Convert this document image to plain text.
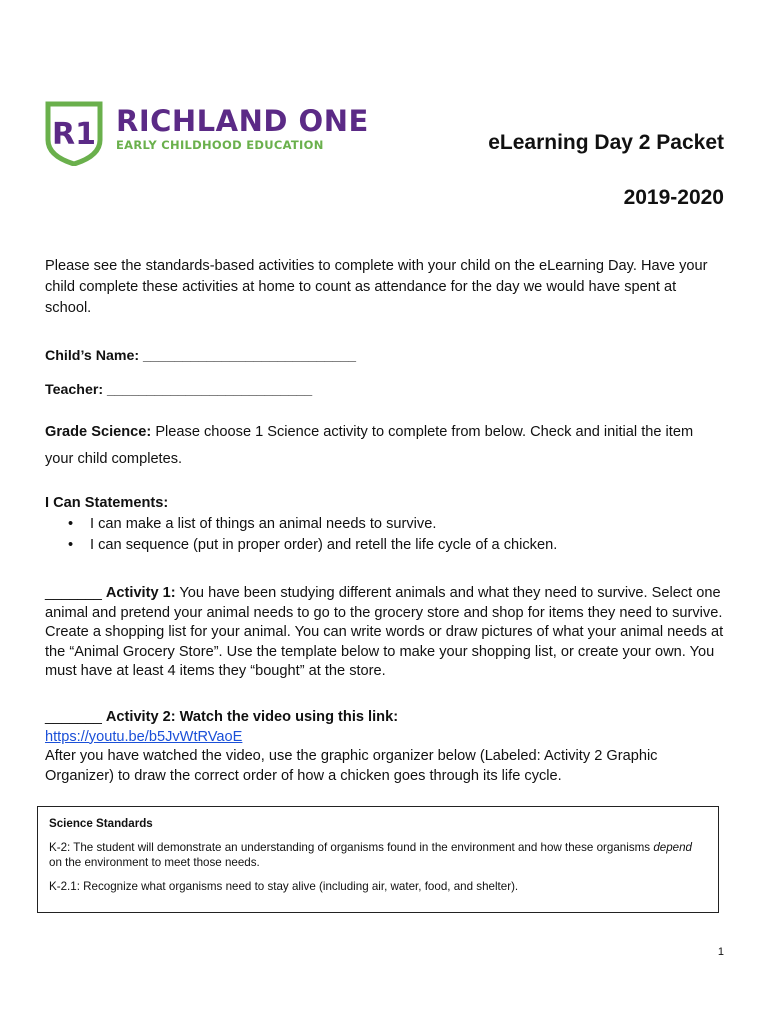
R1 RICHLAND ONE
EARLY CHILDHOOD EDUCATION	eLearning Day 2 Packet
2019-2020
Please see the standards-based activities to complete with your child on the eLearning Day. Have your child complete these activities at home to count as attendance for the day we would have spent at school.
Child’s Name: ___________________________
Teacher: __________________________
Grade Science: Please choose 1 Science activity to complete from below. Check and initial the item your child completes.
I Can Statements:
• I can make a list of things an animal needs to survive.
• I can sequence (put in proper order) and retell the life cycle of a chicken.
_______ Activity 1: You have been studying different animals and what they need to survive. Select one animal and pretend your animal needs to go to the grocery store and shop for items they need to survive. Create a shopping list for your animal. You can write words or draw pictures of what your animal needs at the “Animal Grocery Store”. Use the template below to make your shopping list, or create your own. You must have at least 4 items they “bought” at the store.
_______ Activity 2: Watch the video using this link:
https://youtu.be/b5JvWtRVaoE
After you have watched the video, use the graphic organizer below (Labeled: Activity 2 Graphic Organizer) to draw the correct order of how a chicken goes through its life cycle.
Science Standards

K-2: The student will demonstrate an understanding of organisms found in the environment and how these organisms depend on the environment to meet those needs.

K-2.1: Recognize what organisms need to stay alive (including air, water, food, and shelter).

1
